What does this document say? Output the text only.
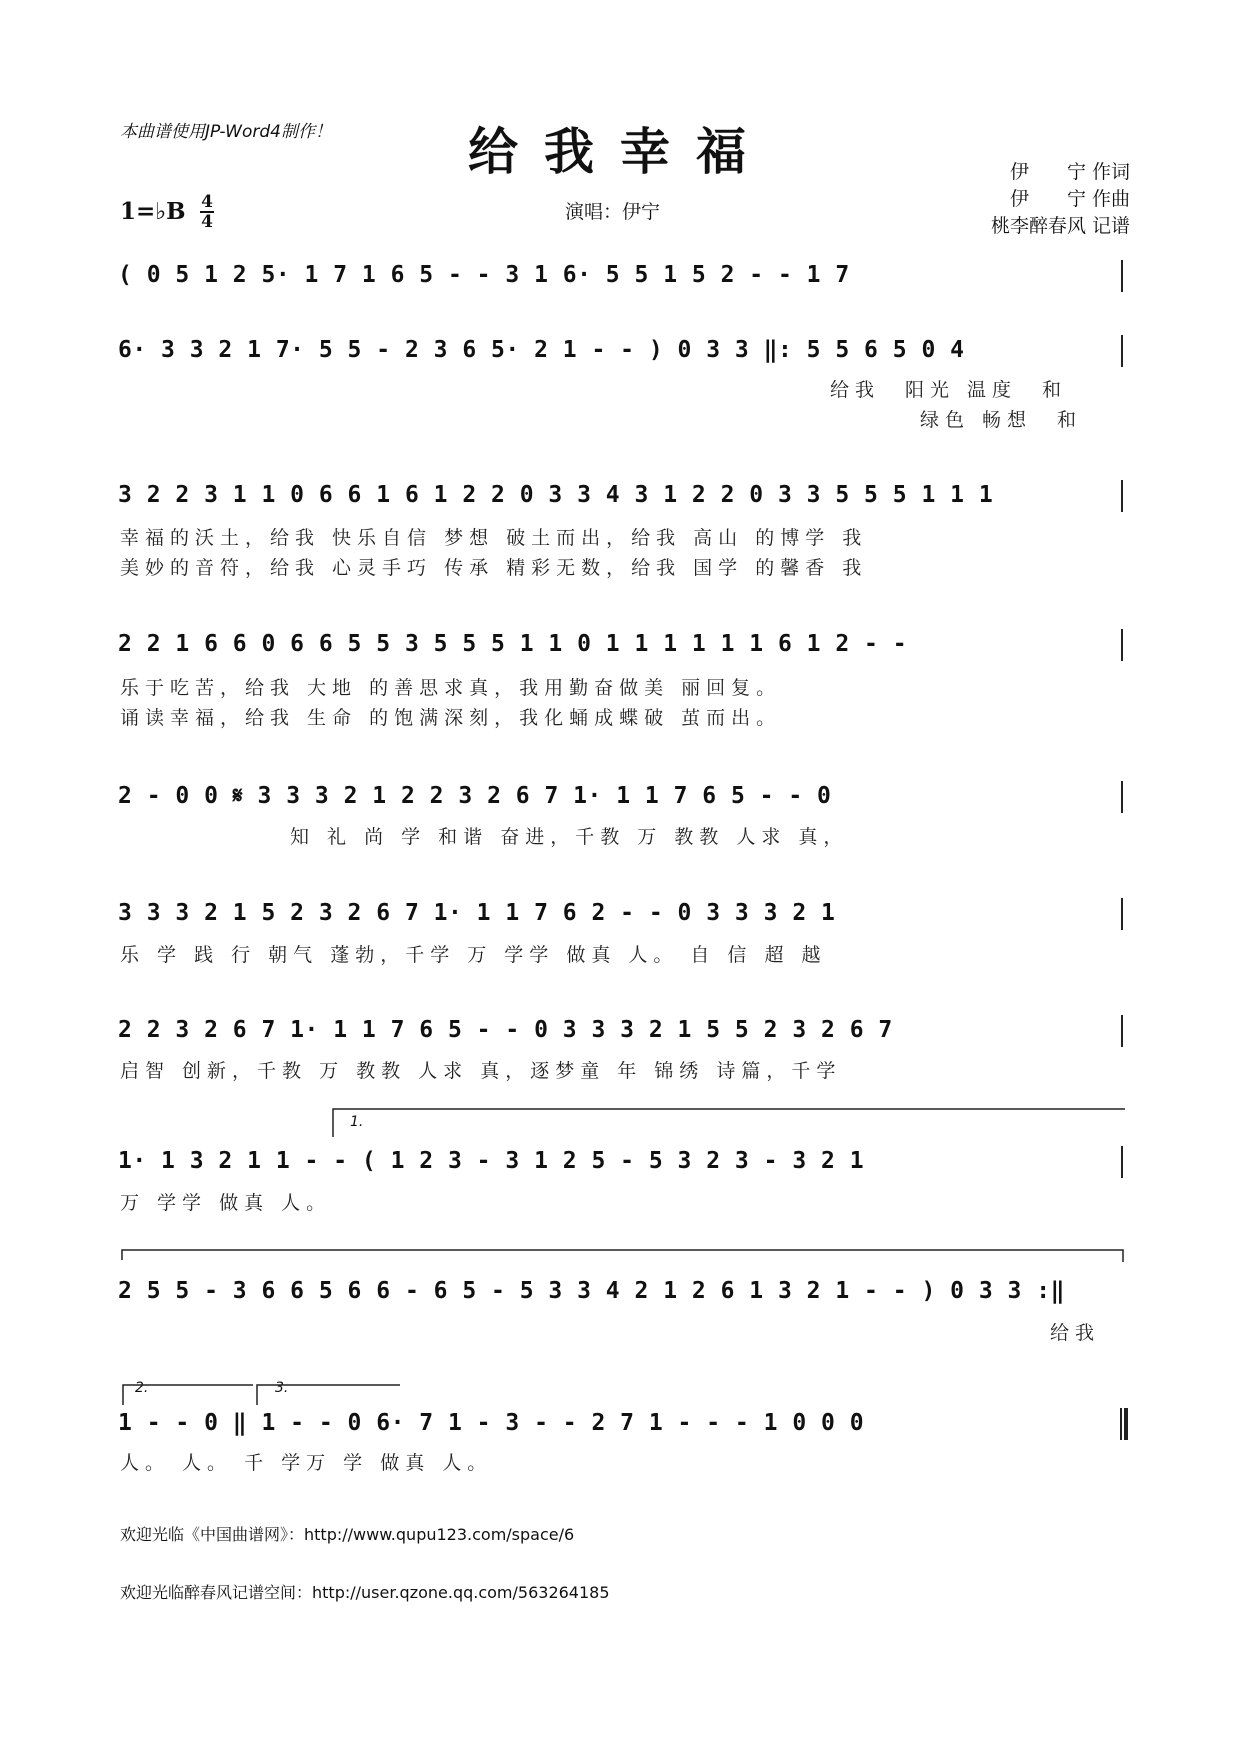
本曲谱使用JP-Word4制作！	给我幸福
演唱：伊宁
伊　　宁 作词
伊　　宁 作曲
桃李醉春风 记谱
1=♭B 4
4
( 0 5 1 2 5· 1 7 1 6 5 - - 3 1 6· 5 5 1 5 2 - - 1 7
6· 3 3 2 1 7· 5 5 - 2 3 6 5· 2 1 - - ) 0 3 3 ‖: 5 5 6 5 0 4
给我　阳光 温度　和
绿色 畅想　和
3 2 2 3 1 1 0 6 6 1 6 1 2 2 0 3 3 4 3 1 2 2 0 3 3 5 5 5 1 1 1
幸福的沃土，给我 快乐自信 梦想 破土而出，给我 高山 的博学 我
美妙的音符，给我 心灵手巧 传承 精彩无数，给我 国学 的馨香 我
2 2 1 6 6 0 6 6 5 5 3 5 5 5 1 1 0 1 1 1 1 1 1 6 1 2 - -
乐于吃苦，给我 大地 的善思求真，我用勤奋做美 丽回复。
诵读幸福，给我 生命 的饱满深刻，我化蛹成蝶破 茧而出。
2 - 0 0 𝄋 3 3 3 2 1 2 2 3 2 6 7 1· 1 1 7 6 5 - - 0
知 礼 尚 学 和谐 奋进，千教 万 教教 人求 真，
3 3 3 2 1 5 2 3 2 6 7 1· 1 1 7 6 2 - - 0 3 3 3 2 1
乐 学 践 行 朝气 蓬勃，千学 万 学学 做真 人。 自 信 超 越
2 2 3 2 6 7 1· 1 1 7 6 5 - - 0 3 3 3 2 1 5 5 2 3 2 6 7
启智 创新，千教 万 教教 人求 真，逐梦童 年 锦绣 诗篇，千学
1.
1· 1 3 2 1 1 - - ( 1 2 3 - 3 1 2 5 - 5 3 2 3 - 3 2 1
万 学学 做真 人。
2 5 5 - 3 6 6 5 6 6 - 6 5 - 5 3 3 4 2 1 2 6 1 3 2 1 - - ) 0 3 3 :‖
给我
2.	3.
1 - - 0 ‖ 1 - - 0 6· 7 1 - 3 - - 2 7 1 - - - 1 0 0 0
人。 人。 千 学万 学 做真 人。
欢迎光临《中国曲谱网》：http://www.qupu123.com/space/6
欢迎光临醉春风记谱空间：http://user.qzone.qq.com/563264185
